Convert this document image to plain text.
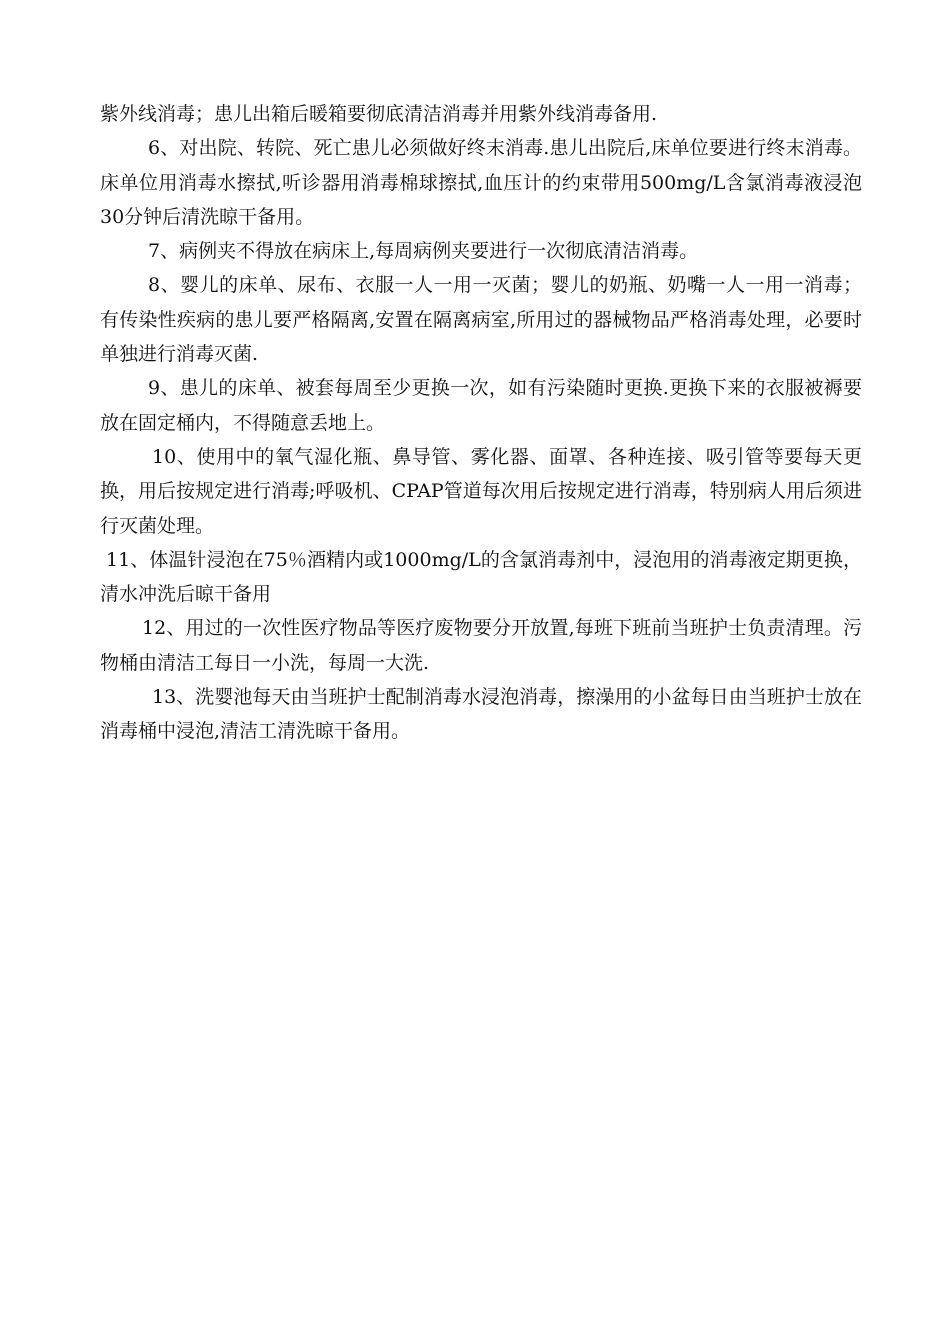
紫外线消毒；患儿出箱后暖箱要彻底清洁消毒并用紫外线消毒备用.

6、对出院、转院、死亡患儿必须做好终末消毒.患儿出院后,床单位要进行终末消毒。床单位用消毒水擦拭,听诊器用消毒棉球擦拭,血压计的约束带用500mg/L含氯消毒液浸泡30分钟后清洗晾干备用。

7、病例夹不得放在病床上,每周病例夹要进行一次彻底清洁消毒。

8、婴儿的床单、尿布、衣服一人一用一灭菌；婴儿的奶瓶、奶嘴一人一用一消毒；有传染性疾病的患儿要严格隔离,安置在隔离病室,所用过的器械物品严格消毒处理，必要时单独进行消毒灭菌.

9、患儿的床单、被套每周至少更换一次，如有污染随时更换.更换下来的衣服被褥要放在固定桶内，不得随意丢地上。

10、使用中的氧气湿化瓶、鼻导管、雾化器、面罩、各种连接、吸引管等要每天更换，用后按规定进行消毒;呼吸机、CPAP管道每次用后按规定进行消毒，特别病人用后须进行灭菌处理。

11、体温针浸泡在75％酒精内或1000mg/L的含氯消毒剂中，浸泡用的消毒液定期更换，清水冲洗后晾干备用

12、用过的一次性医疗物品等医疗废物要分开放置,每班下班前当班护士负责清理。污物桶由清洁工每日一小洗，每周一大洗.

13、洗婴池每天由当班护士配制消毒水浸泡消毒，擦澡用的小盆每日由当班护士放在消毒桶中浸泡,清洁工清洗晾干备用。
